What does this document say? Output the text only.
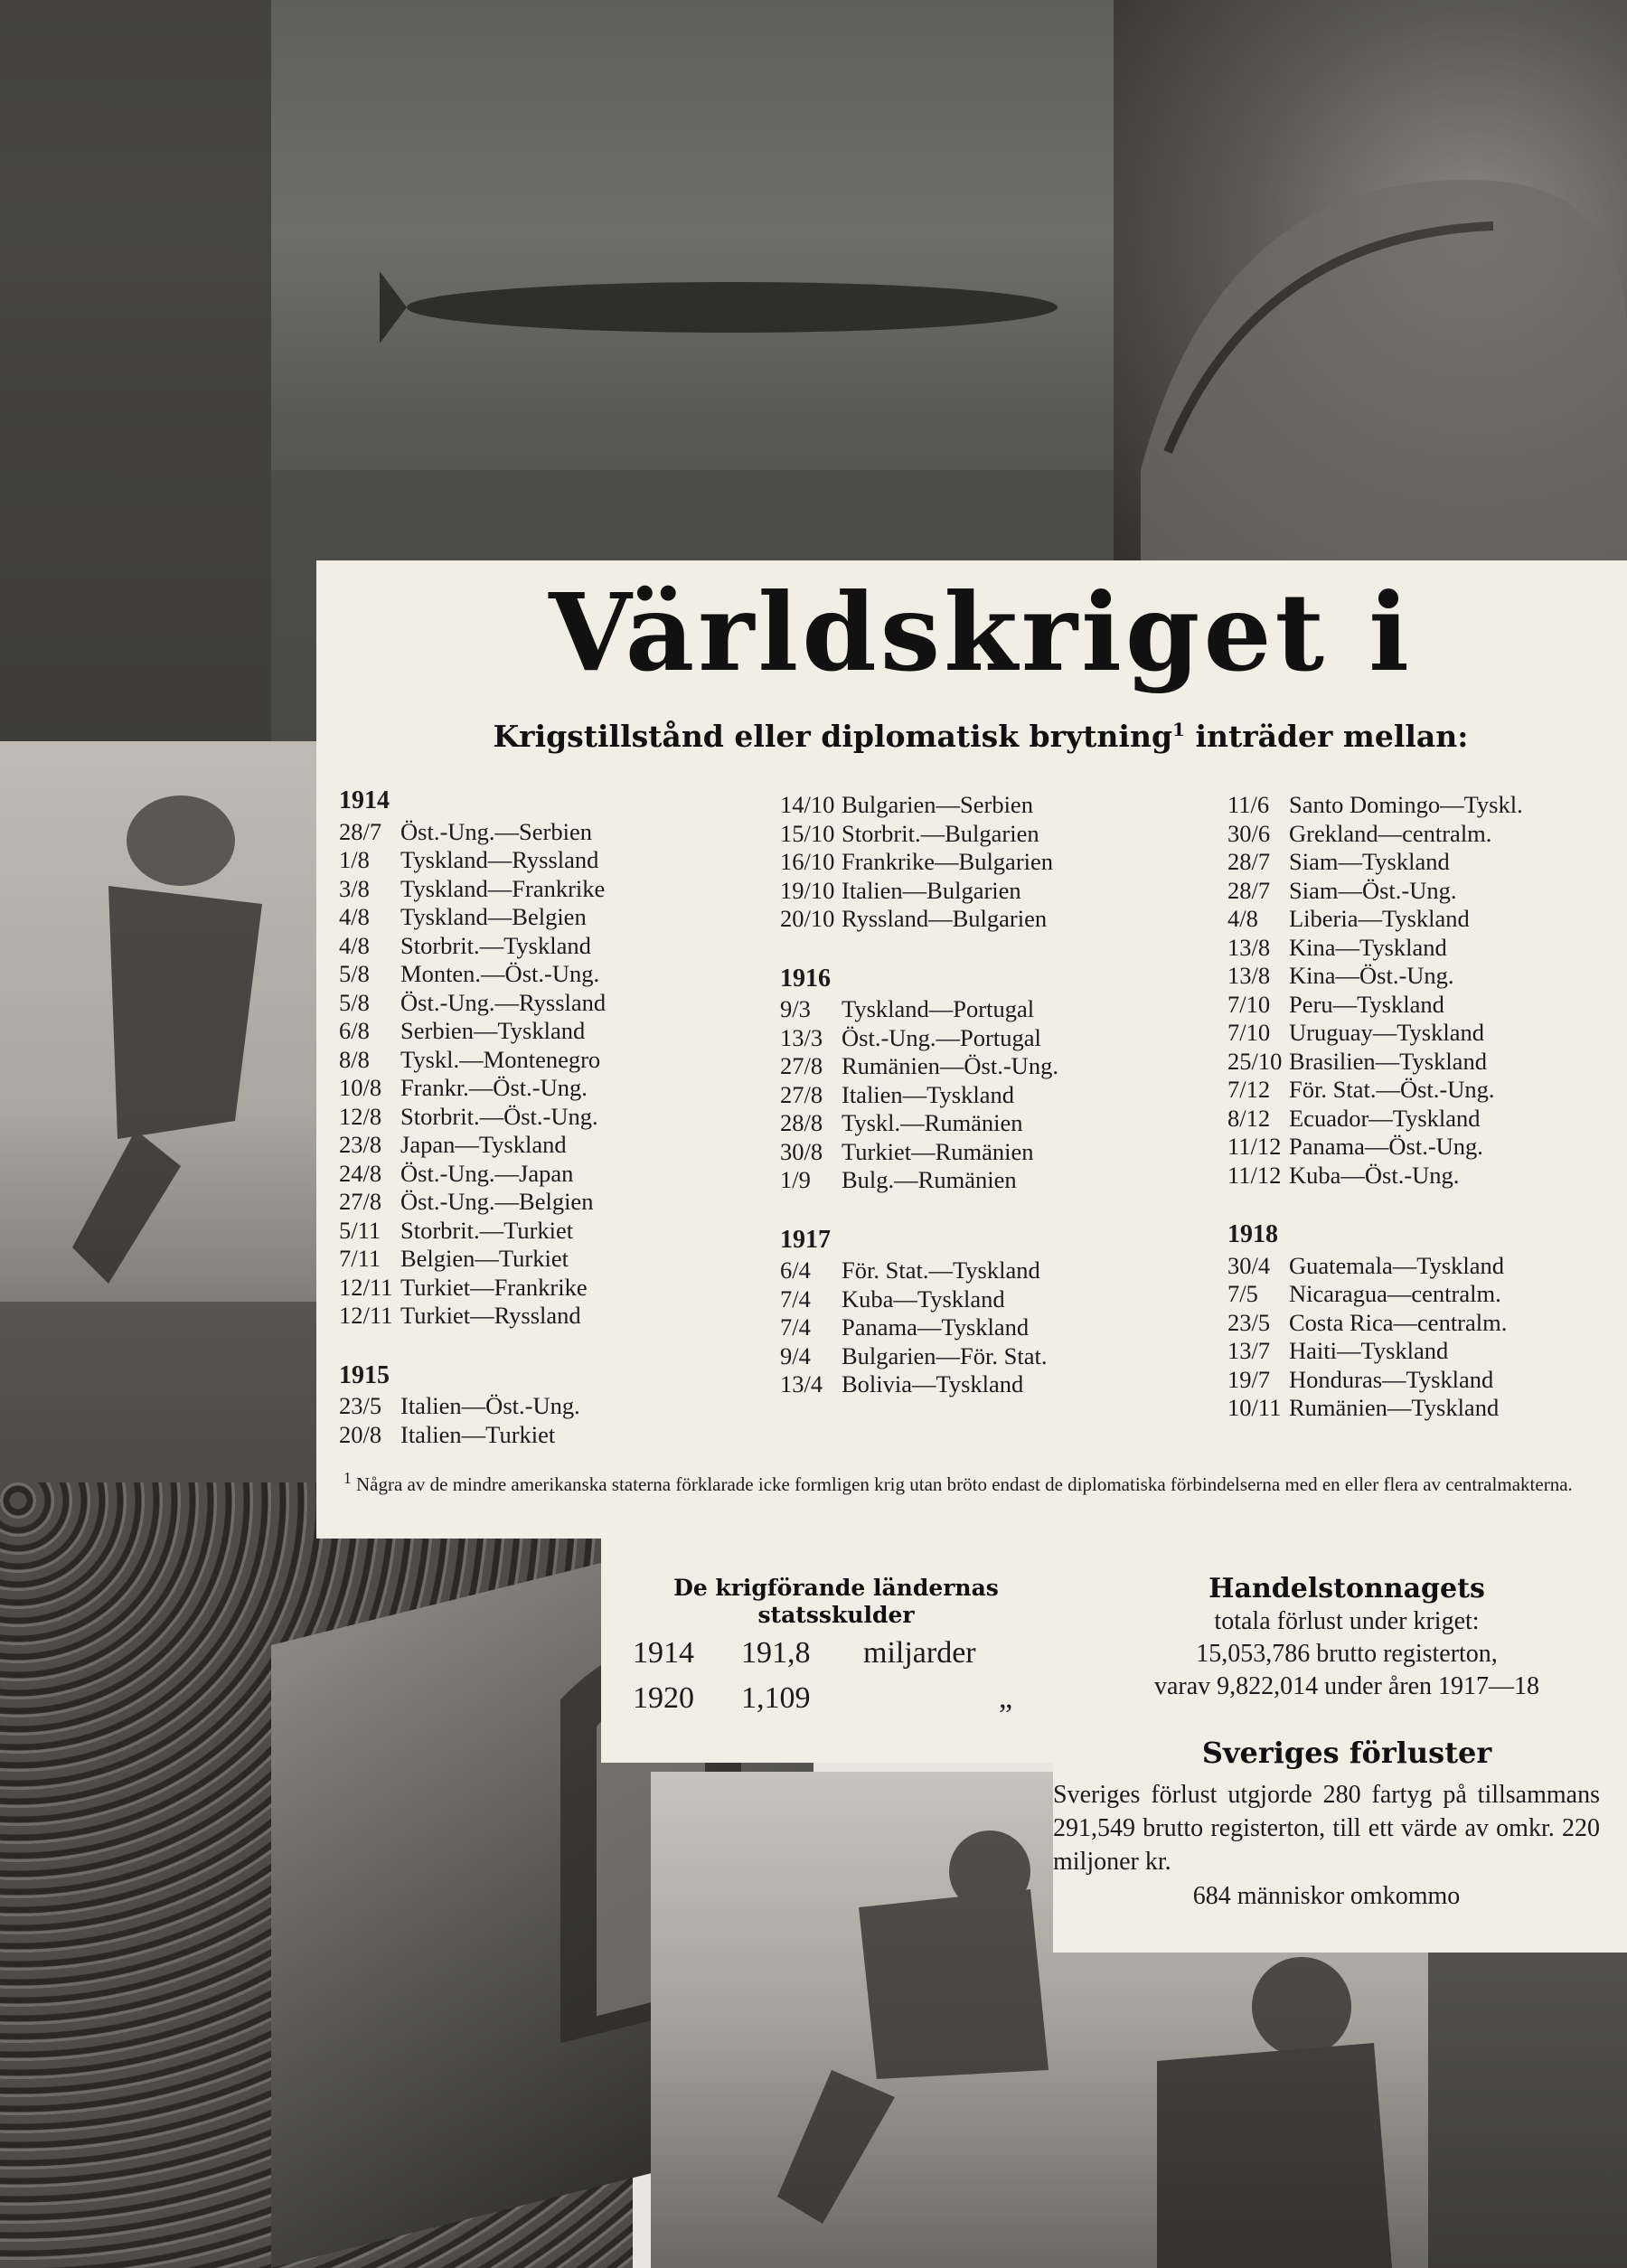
Världskriget i
Krigstillstånd eller diplomatisk brytning$^1$ inträder mellan:
1914
28/7 Öst.-Ung.—Serbien
1/8	Tyskland—Ryssland
3/8	Tyskland—Frankrike
4/8	Tyskland—Belgien
4/8	Storbrit.—Tyskland
5/8	Monten.—Öst.-Ung.
5/8	Öst.-Ung.—Ryssland
6/8	Serbien—Tyskland
8/8	Tyskl.—Montenegro
10/8 Frankr.—Öst.-Ung.
12/8 Storbrit.—Öst.-Ung.
23/8 Japan—Tyskland
24/8 Öst.-Ung.—Japan
27/8 Öst.-Ung.—Belgien
5/11 Storbrit.—Turkiet
7/11 Belgien—Turkiet
12/11 Turkiet—Frankrike
12/11 Turkiet—Ryssland
1915
23/5 Italien—Öst.-Ung.
20/8 Italien—Turkiet
14/10 Bulgarien—Serbien
15/10 Storbrit.—Bulgarien
16/10 Frankrike—Bulgarien
19/10 Italien—Bulgarien
20/10 Ryssland—Bulgarien
1916
9/3	Tyskland—Portugal
13/3 Öst.-Ung.—Portugal
27/8 Rumänien—Öst.-Ung.
27/8 Italien—Tyskland
28/8 Tyskl.—Rumänien
30/8 Turkiet—Rumänien
1/9	Bulg.—Rumänien
1917
6/4	För. Stat.—Tyskland
7/4	Kuba—Tyskland
7/4	Panama—Tyskland
9/4	Bulgarien—För. Stat.
13/4 Bolivia—Tyskland
11/6 Santo Domingo—Tyskl.
30/6 Grekland—centralm.
28/7 Siam—Tyskland
28/7 Siam—Öst.-Ung.
4/8	Liberia—Tyskland
13/8 Kina—Tyskland
13/8 Kina—Öst.-Ung.
7/10 Peru—Tyskland
7/10 Uruguay—Tyskland
25/10 Brasilien—Tyskland
7/12 För. Stat.—Öst.-Ung.
8/12 Ecuador—Tyskland
11/12 Panama—Öst.-Ung.
11/12 Kuba—Öst.-Ung.
1918
30/4 Guatemala—Tyskland
7/5	Nicaragua—centralm.
23/5 Costa Rica—centralm.
13/7 Haiti—Tyskland
19/7 Honduras—Tyskland
10/11 Rumänien—Tyskland
$^1$ Några av de mindre amerikanska staterna förklarade icke formligen krig utan bröto endast de diplomatiska förbindelserna med en eller flera av centralmakterna.
De krigförande ländernas statsskulder
1914 191,8 miljarder
1920 1,109	„
Handelstonnagets
totala förlust under kriget:
15,053,786 brutto registerton,
varav 9,822,014 under åren 1917—18
Sveriges förluster
Sveriges förlust utgjorde 280 fartyg på tillsammans 291,549 brutto registerton, till ett värde av omkr. 220 miljoner kr.
684 människor omkommo
